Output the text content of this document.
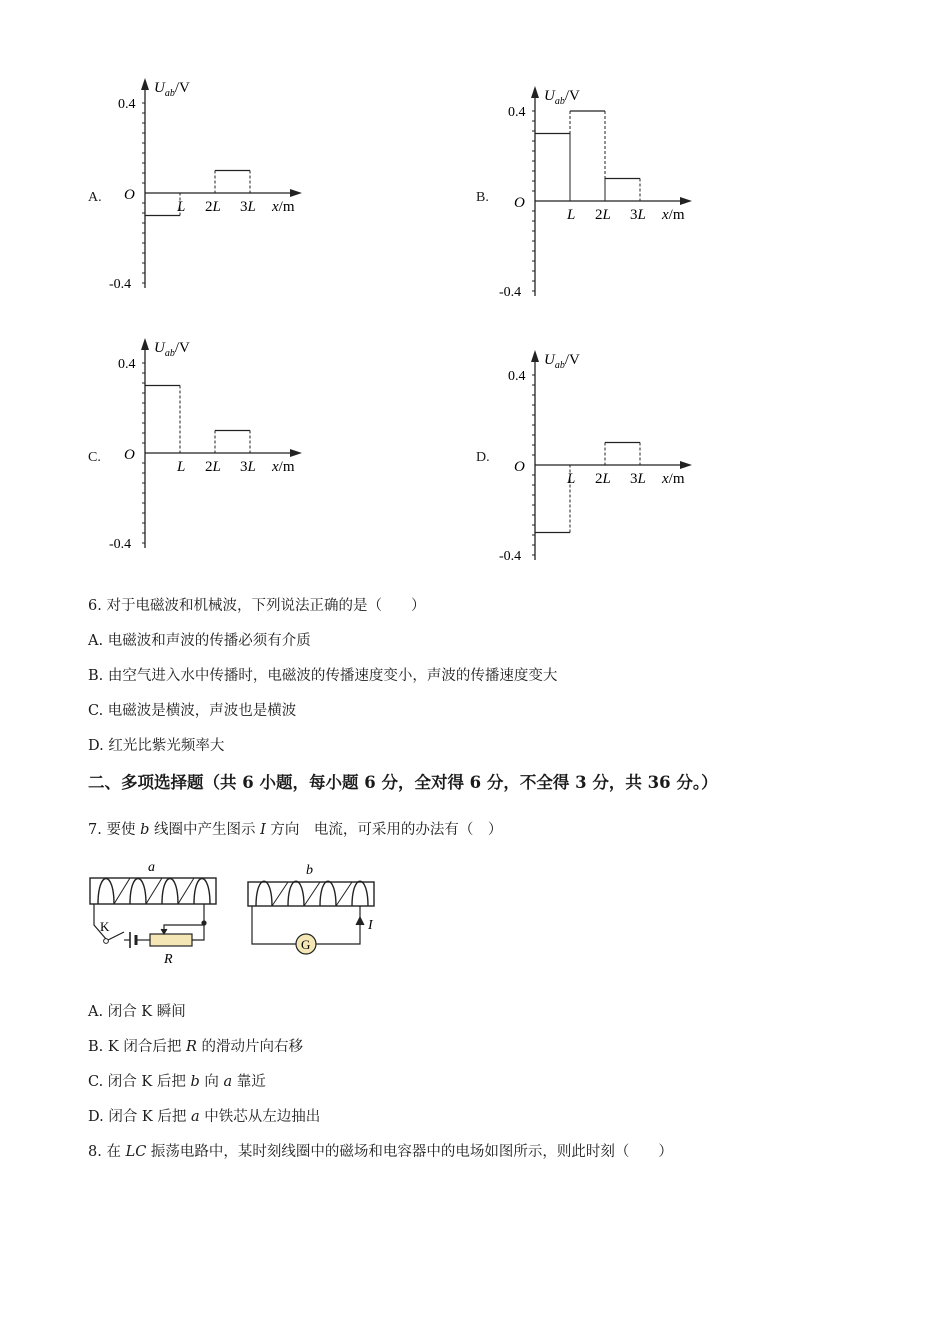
A.
$U_{ab}/V$
0.4
-0.4
O
L 2L 3L x/m
B.
$U_{ab}/V$
0.4
-0.4
O
L 2L 3L x/m
C.
$U_{ab}/V$
0.4
-0.4
O
L 2L 3L x/m
D.
$U_{ab}/V$
0.4
-0.4
O
L 2L 3L x/m
6. 对于电磁波和机械波，下列说法正确的是（　　）
A. 电磁波和声波的传播必须有介质
B. 由空气进入水中传播时，电磁波的传播速度变小，声波的传播速度变大
C. 电磁波是横波，声波也是横波
D. 红光比紫光频率大
二、多项选择题（共 6 小题，每小题 6 分，全对得 6 分，不全得 3 分，共 36 分。）
7. 要使 b 线圈中产生图示 I 方向　电流，可采用的办法有（　）
a
K
R
b
G
I
A. 闭合 K 瞬间
B. K 闭合后把 R 的滑动片向右移
C. 闭合 K 后把 b 向 a 靠近
D. 闭合 K 后把 a 中铁芯从左边抽出
8. 在 LC 振荡电路中，某时刻线圈中的磁场和电容器中的电场如图所示，则此时刻（　　）
